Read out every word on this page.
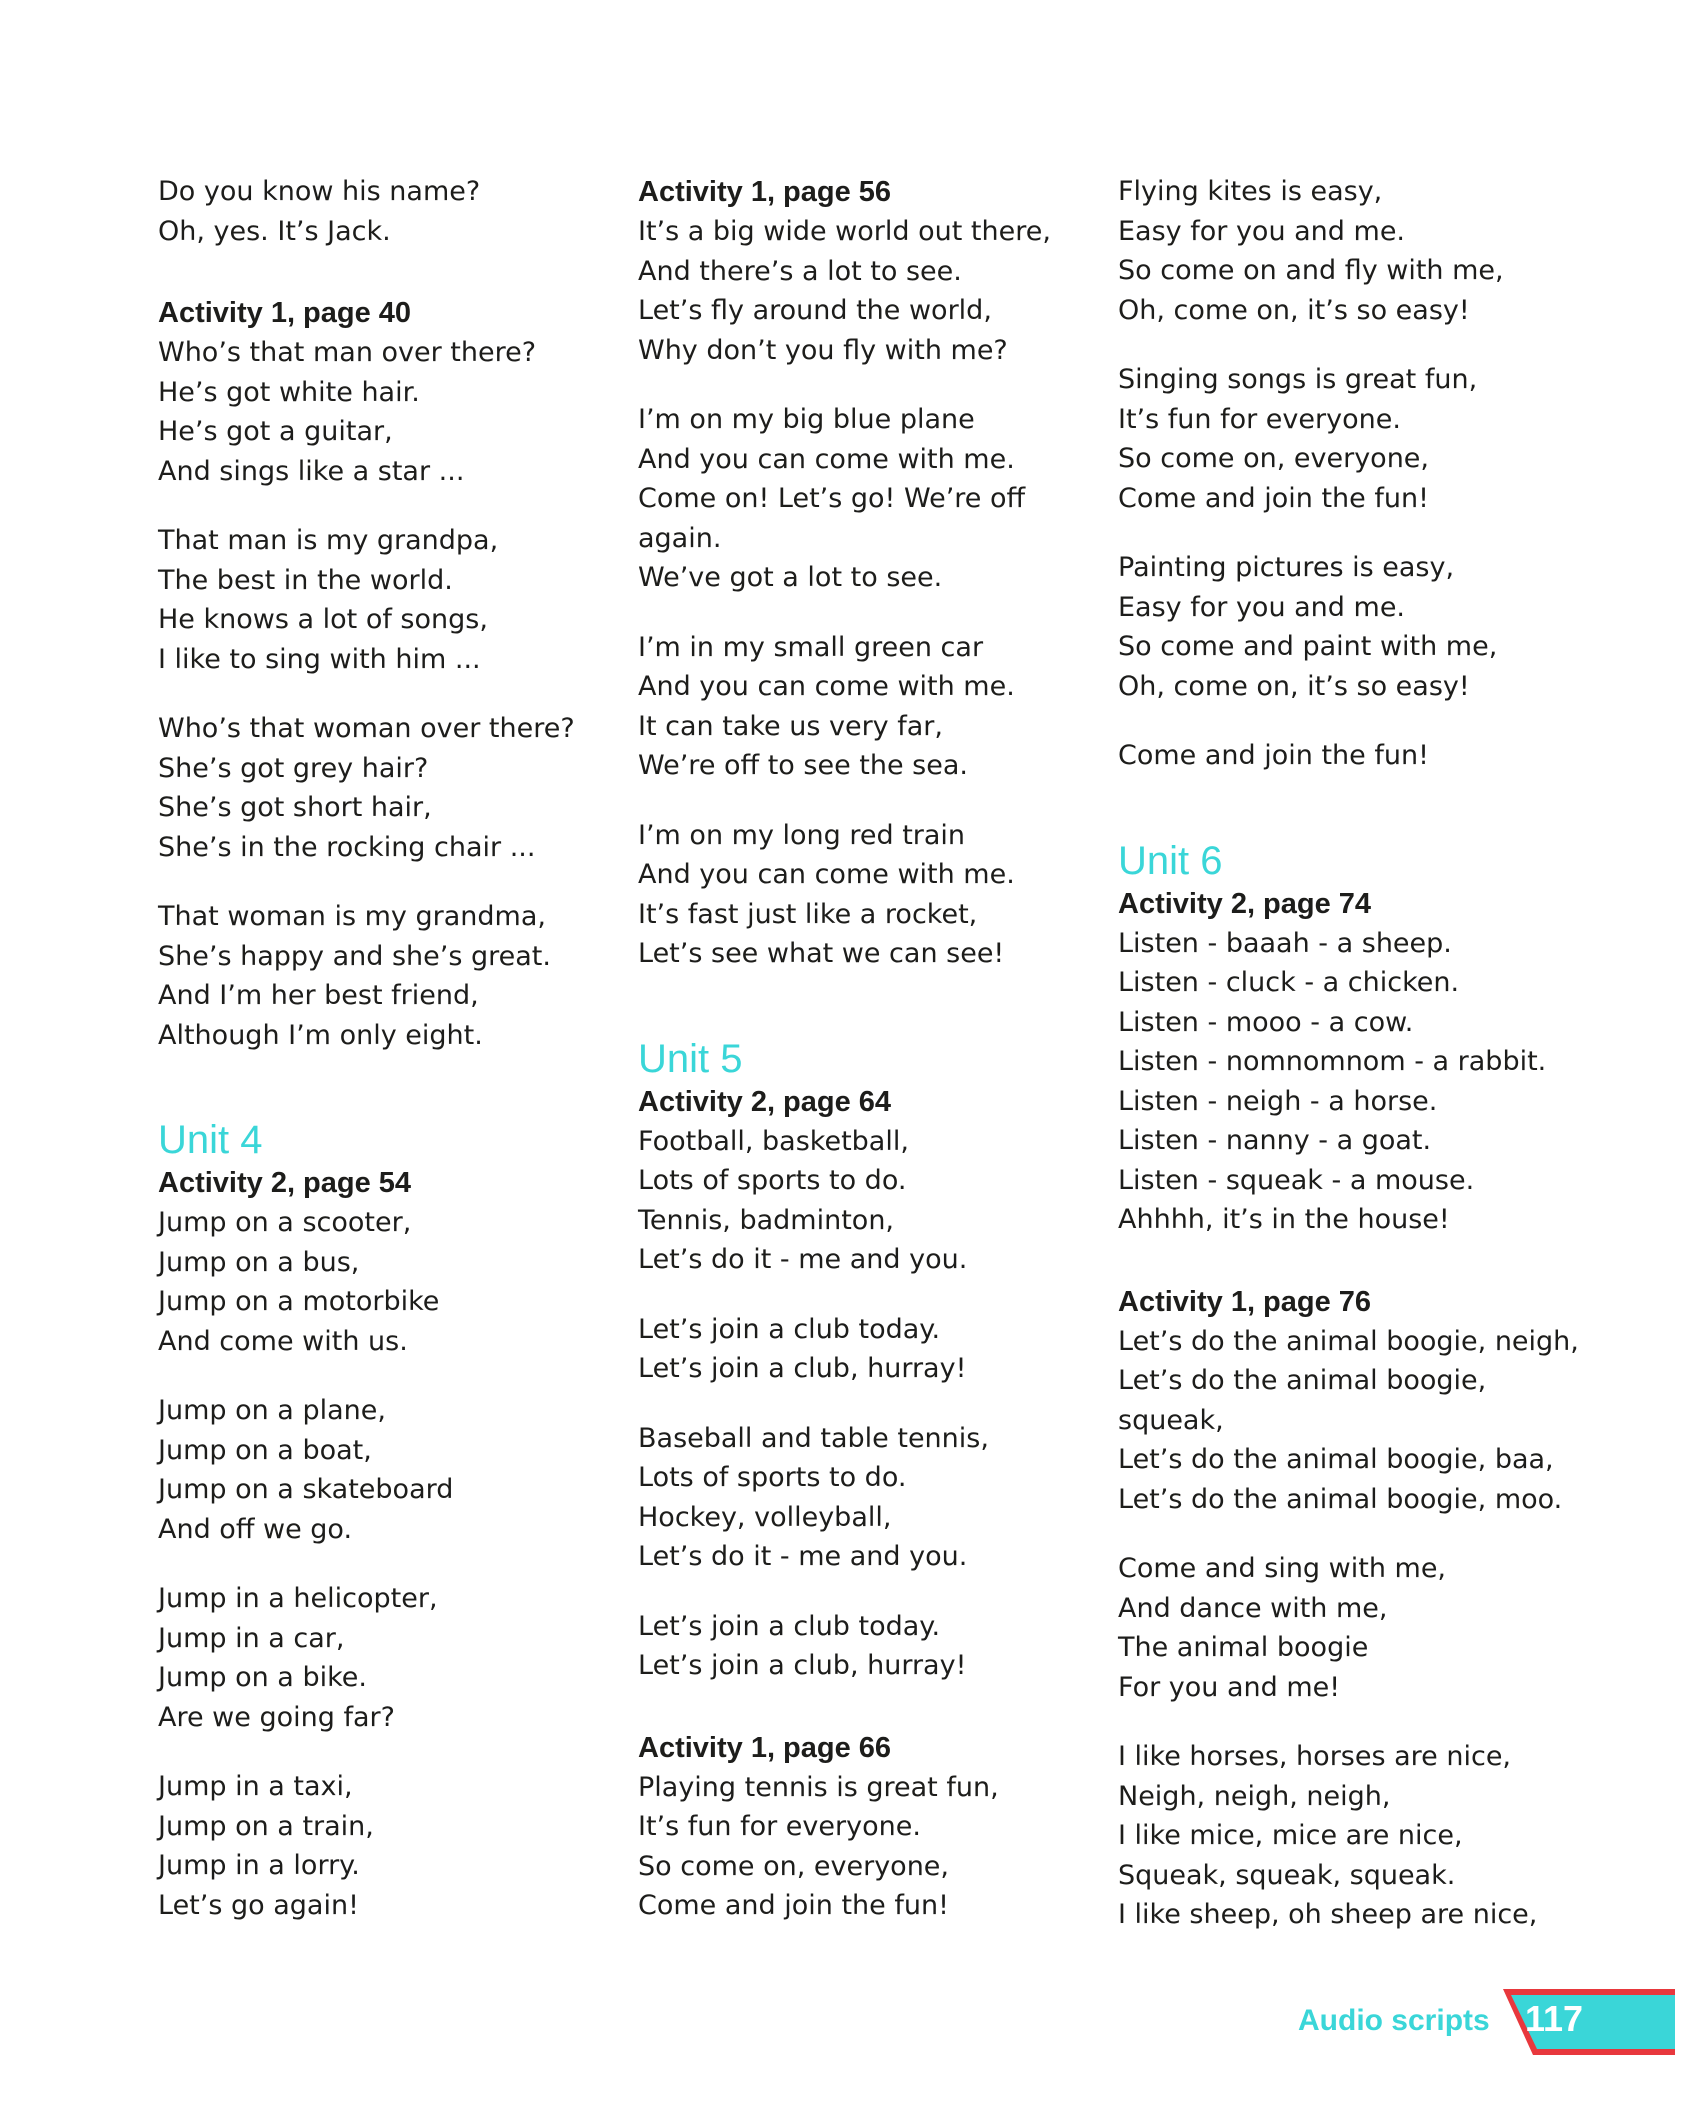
Do you know his name?
Oh, yes. It’s Jack.
Activity 1, page 40
Who’s that man over there?
He’s got white hair.
He’s got a guitar,
And sings like a star ...
That man is my grandpa,
The best in the world.
He knows a lot of songs,
I like to sing with him ...
Who’s that woman over there?
She’s got grey hair?
She’s got short hair,
She’s in the rocking chair ...
That woman is my grandma,
She’s happy and she’s great.
And I’m her best friend,
Although I’m only eight.
Unit 4
Activity 2, page 54
Jump on a scooter,
Jump on a bus,
Jump on a motorbike
And come with us.
Jump on a plane,
Jump on a boat,
Jump on a skateboard
And off we go.
Jump in a helicopter,
Jump in a car,
Jump on a bike.
Are we going far?
Jump in a taxi,
Jump on a train,
Jump in a lorry.
Let’s go again!
Activity 1, page 56
It’s a big wide world out there,
And there’s a lot to see.
Let’s fly around the world,
Why don’t you fly with me?
I’m on my big blue plane
And you can come with me.
Come on! Let’s go! We’re off
again.
We’ve got a lot to see.
I’m in my small green car
And you can come with me.
It can take us very far,
We’re off to see the sea.
I’m on my long red train
And you can come with me.
It’s fast just like a rocket,
Let’s see what we can see!
Unit 5
Activity 2, page 64
Football, basketball,
Lots of sports to do.
Tennis, badminton,
Let’s do it - me and you.
Let’s join a club today.
Let’s join a club, hurray!
Baseball and table tennis,
Lots of sports to do.
Hockey, volleyball,
Let’s do it - me and you.
Let’s join a club today.
Let’s join a club, hurray!
Activity 1, page 66
Playing tennis is great fun,
It’s fun for everyone.
So come on, everyone,
Come and join the fun!
Flying kites is easy,
Easy for you and me.
So come on and fly with me,
Oh, come on, it’s so easy!
Singing songs is great fun,
It’s fun for everyone.
So come on, everyone,
Come and join the fun!
Painting pictures is easy,
Easy for you and me.
So come and paint with me,
Oh, come on, it’s so easy!
Come and join the fun!
Unit 6
Activity 2, page 74
Listen - baaah - a sheep.
Listen - cluck - a chicken.
Listen - mooo - a cow.
Listen - nomnomnom - a rabbit.
Listen - neigh - a horse.
Listen - nanny - a goat.
Listen - squeak - a mouse.
Ahhhh, it’s in the house!
Activity 1, page 76
Let’s do the animal boogie, neigh,
Let’s do the animal boogie,
squeak,
Let’s do the animal boogie, baa,
Let’s do the animal boogie, moo.
Come and sing with me,
And dance with me,
The animal boogie
For you and me!
I like horses, horses are nice,
Neigh, neigh, neigh,
I like mice, mice are nice,
Squeak, squeak, squeak.
I like sheep, oh sheep are nice,
Audio scripts 117
